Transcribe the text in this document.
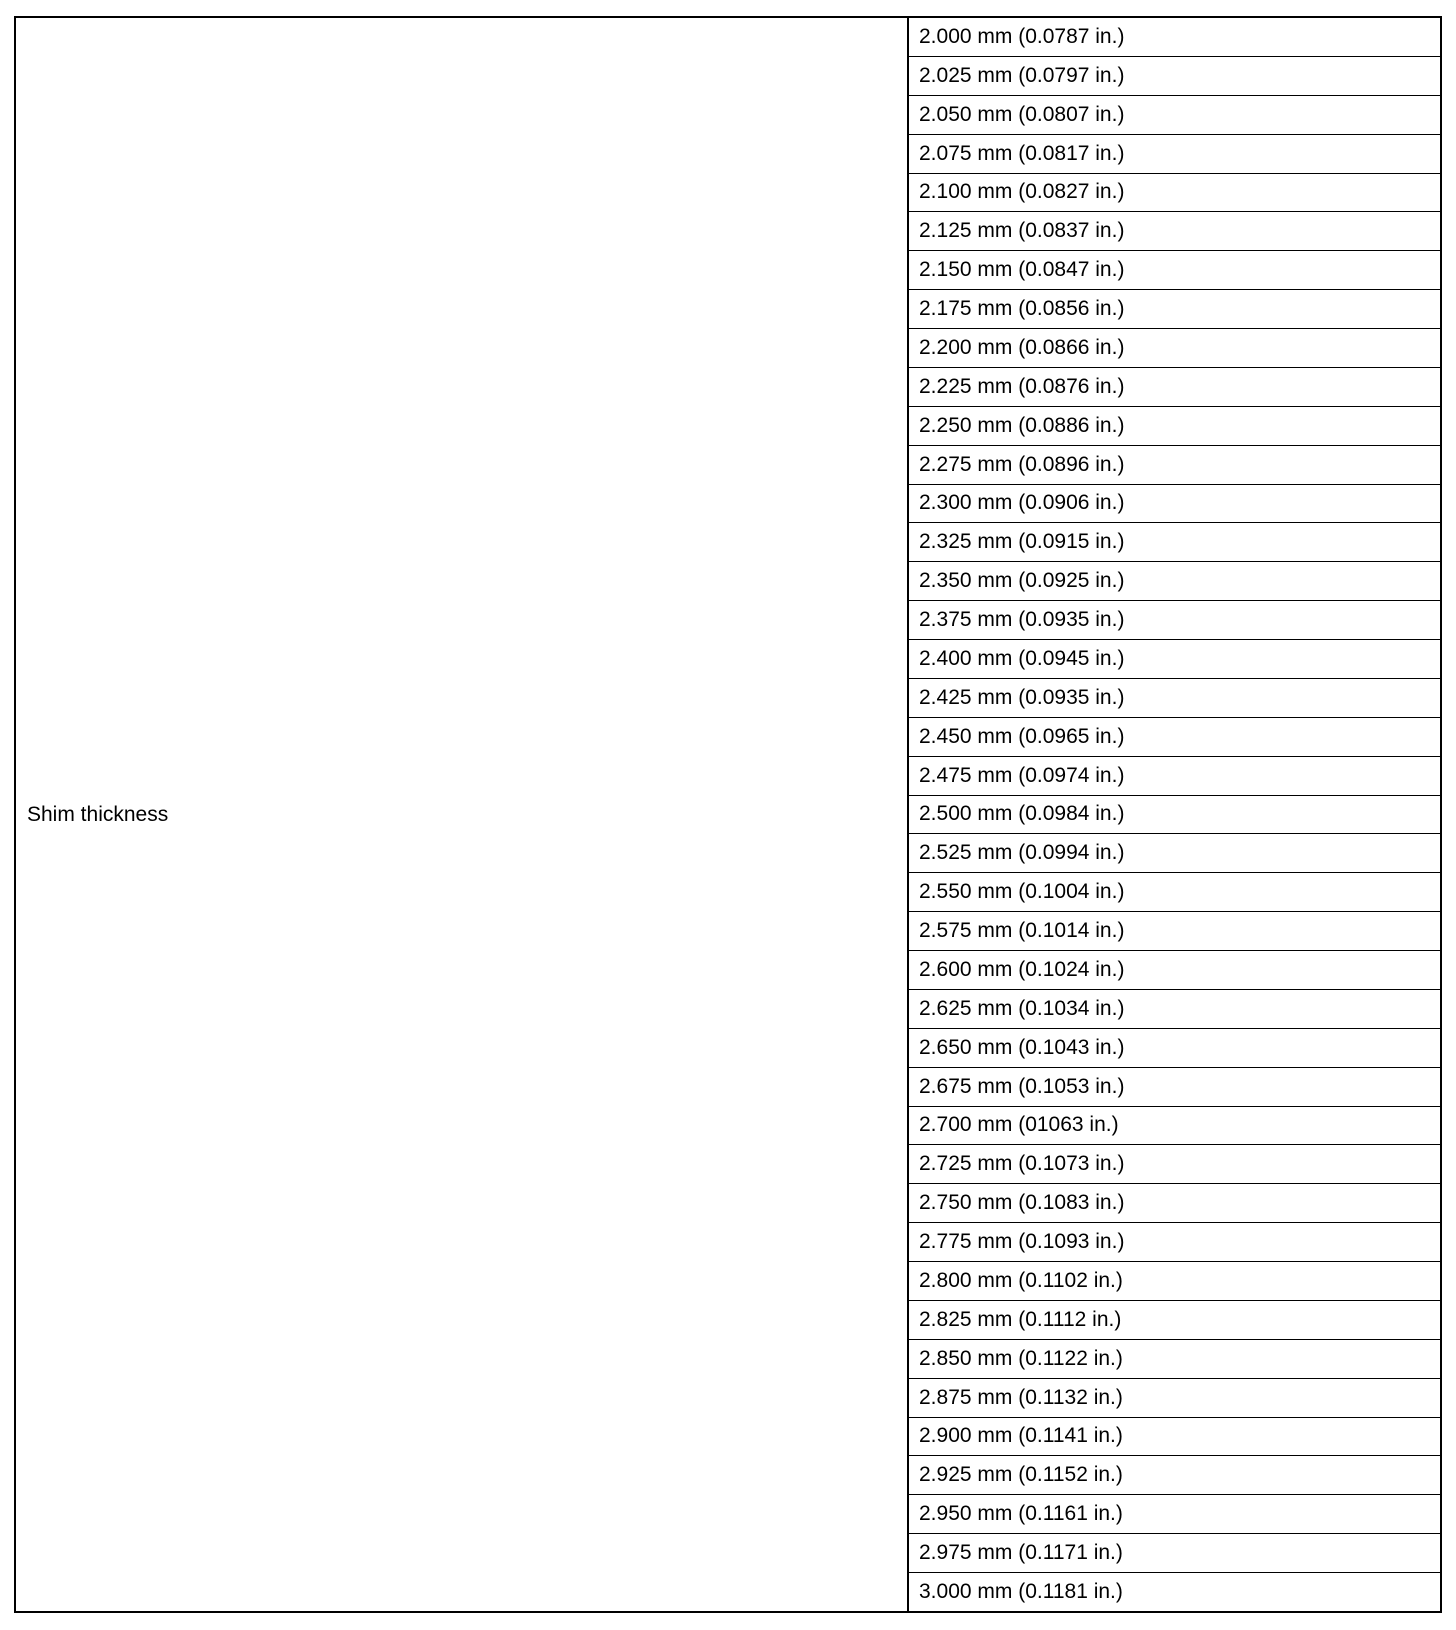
Shim thickness
2.000 mm (0.0787 in.)
2.025 mm (0.0797 in.)
2.050 mm (0.0807 in.)
2.075 mm (0.0817 in.)
2.100 mm (0.0827 in.)
2.125 mm (0.0837 in.)
2.150 mm (0.0847 in.)
2.175 mm (0.0856 in.)
2.200 mm (0.0866 in.)
2.225 mm (0.0876 in.)
2.250 mm (0.0886 in.)
2.275 mm (0.0896 in.)
2.300 mm (0.0906 in.)
2.325 mm (0.0915 in.)
2.350 mm (0.0925 in.)
2.375 mm (0.0935 in.)
2.400 mm (0.0945 in.)
2.425 mm (0.0935 in.)
2.450 mm (0.0965 in.)
2.475 mm (0.0974 in.)
2.500 mm (0.0984 in.)
2.525 mm (0.0994 in.)
2.550 mm (0.1004 in.)
2.575 mm (0.1014 in.)
2.600 mm (0.1024 in.)
2.625 mm (0.1034 in.)
2.650 mm (0.1043 in.)
2.675 mm (0.1053 in.)
2.700 mm (01063 in.)
2.725 mm (0.1073 in.)
2.750 mm (0.1083 in.)
2.775 mm (0.1093 in.)
2.800 mm (0.1102 in.)
2.825 mm (0.1112 in.)
2.850 mm (0.1122 in.)
2.875 mm (0.1132 in.)
2.900 mm (0.1141 in.)
2.925 mm (0.1152 in.)
2.950 mm (0.1161 in.)
2.975 mm (0.1171 in.)
3.000 mm (0.1181 in.)
